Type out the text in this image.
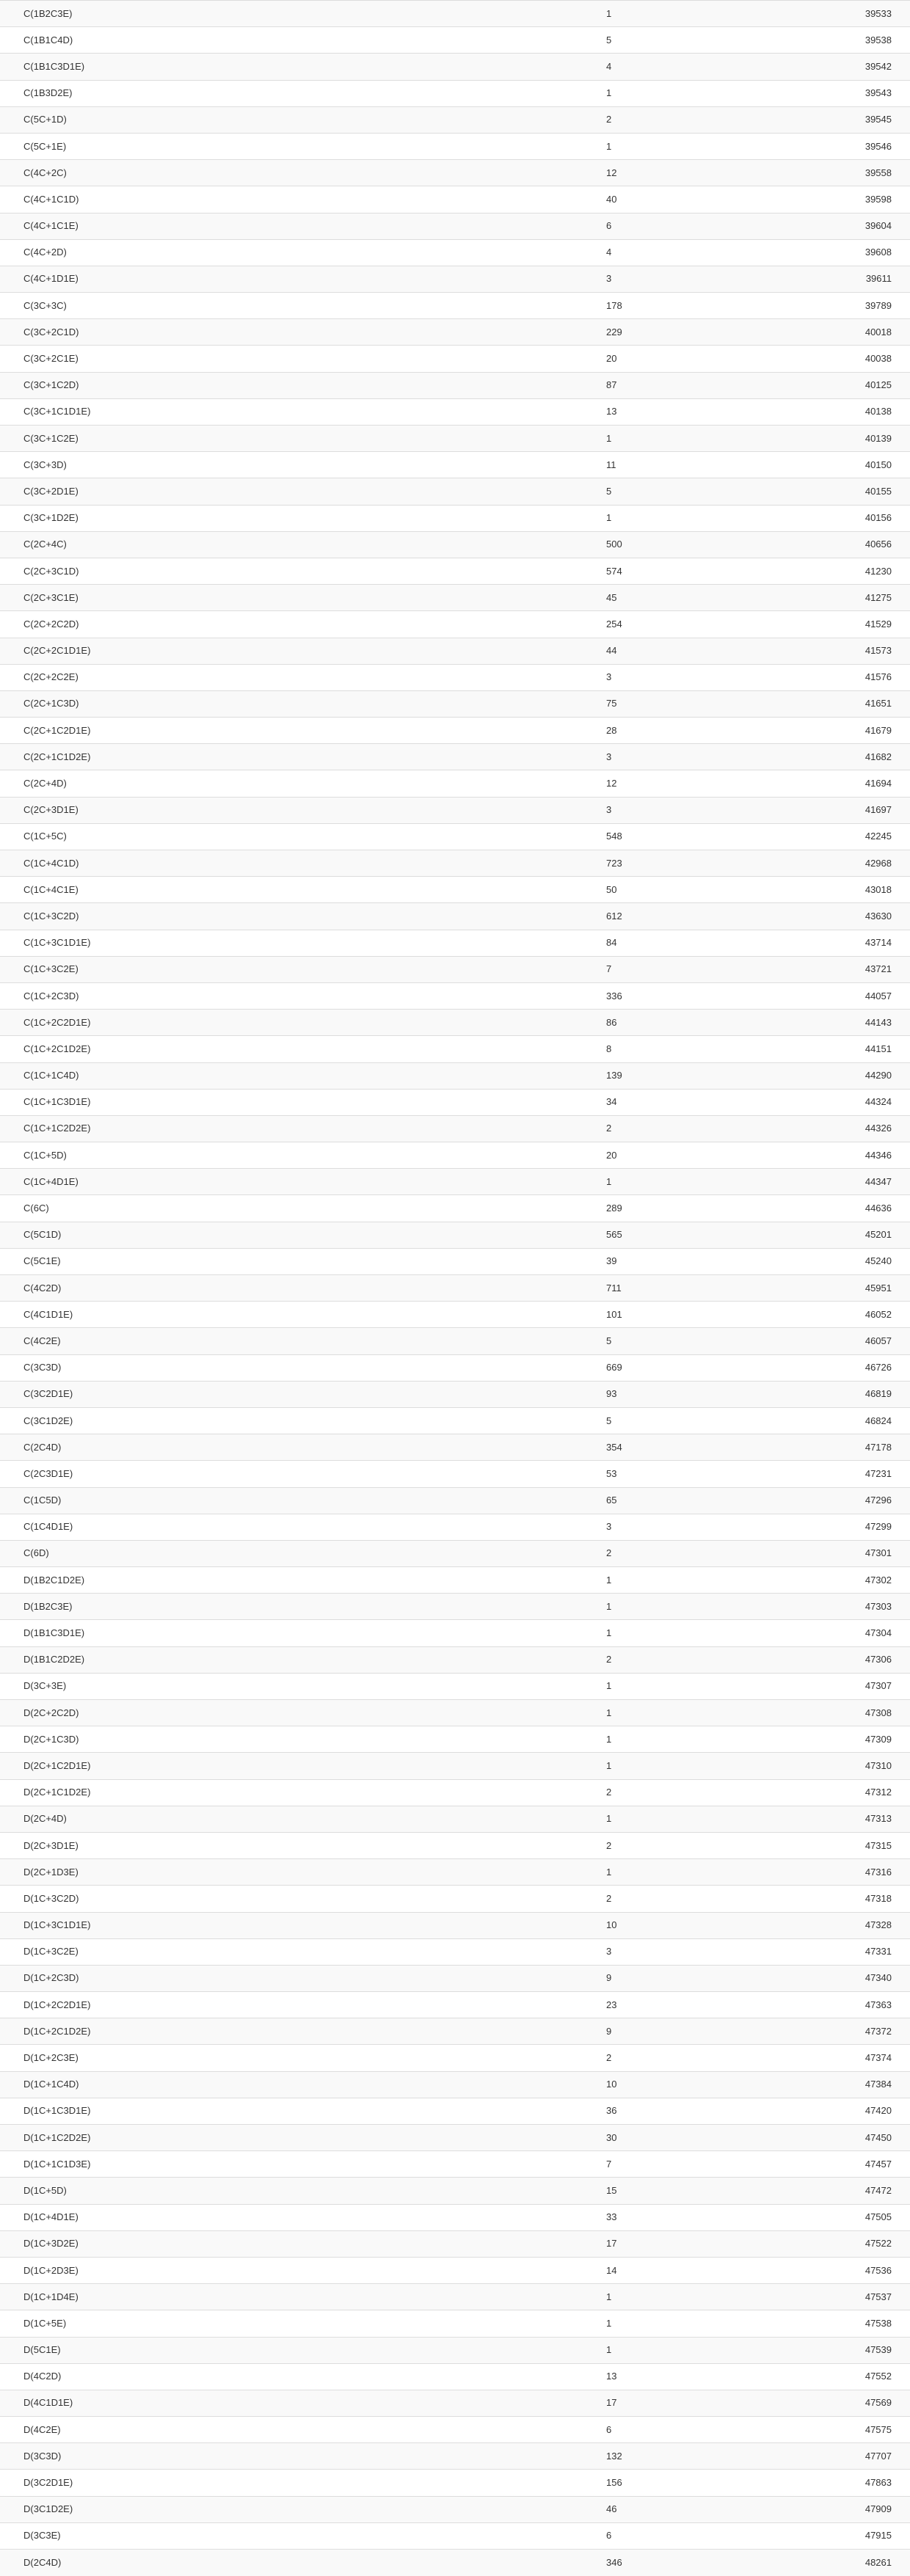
C(1B2C3E)	1	39533
C(1B1C4D)	5	39538
C(1B1C3D1E)	4	39542
C(1B3D2E)	1	39543
C(5C+1D)	2	39545
C(5C+1E)	1	39546
C(4C+2C)	12	39558
C(4C+1C1D)	40	39598
C(4C+1C1E)	6	39604
C(4C+2D)	4	39608
C(4C+1D1E)	3	39611
C(3C+3C)	178	39789
C(3C+2C1D)	229	40018
C(3C+2C1E)	20	40038
C(3C+1C2D)	87	40125
C(3C+1C1D1E)	13	40138
C(3C+1C2E)	1	40139
C(3C+3D)	11	40150
C(3C+2D1E)	5	40155
C(3C+1D2E)	1	40156
C(2C+4C)	500	40656
C(2C+3C1D)	574	41230
C(2C+3C1E)	45	41275
C(2C+2C2D)	254	41529
C(2C+2C1D1E)	44	41573
C(2C+2C2E)	3	41576
C(2C+1C3D)	75	41651
C(2C+1C2D1E)	28	41679
C(2C+1C1D2E)	3	41682
C(2C+4D)	12	41694
C(2C+3D1E)	3	41697
C(1C+5C)	548	42245
C(1C+4C1D)	723	42968
C(1C+4C1E)	50	43018
C(1C+3C2D)	612	43630
C(1C+3C1D1E)	84	43714
C(1C+3C2E)	7	43721
C(1C+2C3D)	336	44057
C(1C+2C2D1E)	86	44143
C(1C+2C1D2E)	8	44151
C(1C+1C4D)	139	44290
C(1C+1C3D1E)	34	44324
C(1C+1C2D2E)	2	44326
C(1C+5D)	20	44346
C(1C+4D1E)	1	44347
C(6C)	289	44636
C(5C1D)	565	45201
C(5C1E)	39	45240
C(4C2D)	711	45951
C(4C1D1E)	101	46052
C(4C2E)	5	46057
C(3C3D)	669	46726
C(3C2D1E)	93	46819
C(3C1D2E)	5	46824
C(2C4D)	354	47178
C(2C3D1E)	53	47231
C(1C5D)	65	47296
C(1C4D1E)	3	47299
C(6D)	2	47301
D(1B2C1D2E)	1	47302
D(1B2C3E)	1	47303
D(1B1C3D1E)	1	47304
D(1B1C2D2E)	2	47306
D(3C+3E)	1	47307
D(2C+2C2D)	1	47308
D(2C+1C3D)	1	47309
D(2C+1C2D1E)	1	47310
D(2C+1C1D2E)	2	47312
D(2C+4D)	1	47313
D(2C+3D1E)	2	47315
D(2C+1D3E)	1	47316
D(1C+3C2D)	2	47318
D(1C+3C1D1E)	10	47328
D(1C+3C2E)	3	47331
D(1C+2C3D)	9	47340
D(1C+2C2D1E)	23	47363
D(1C+2C1D2E)	9	47372
D(1C+2C3E)	2	47374
D(1C+1C4D)	10	47384
D(1C+1C3D1E)	36	47420
D(1C+1C2D2E)	30	47450
D(1C+1C1D3E)	7	47457
D(1C+5D)	15	47472
D(1C+4D1E)	33	47505
D(1C+3D2E)	17	47522
D(1C+2D3E)	14	47536
D(1C+1D4E)	1	47537
D(1C+5E)	1	47538
D(5C1E)	1	47539
D(4C2D)	13	47552
D(4C1D1E)	17	47569
D(4C2E)	6	47575
D(3C3D)	132	47707
D(3C2D1E)	156	47863
D(3C1D2E)	46	47909
D(3C3E)	6	47915
D(2C4D)	346	48261
